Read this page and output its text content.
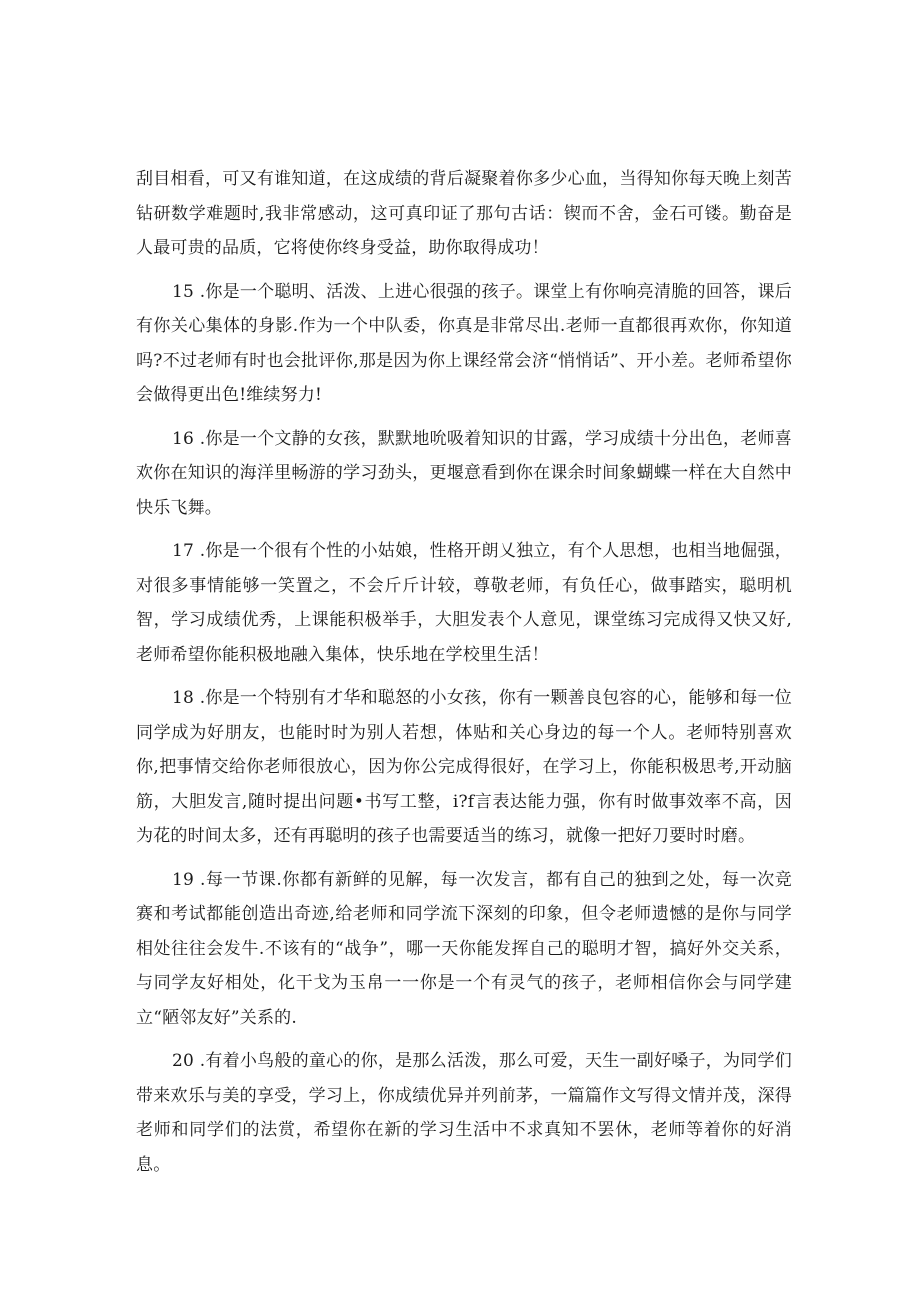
刮目相看，可又有谁知道，在这成绩的背后凝聚着你多少心血，当得知你每天晚上刻苦钻研数学难题时,我非常感动，这可真印证了那句古话：锲而不舍，金石可镂。勤奋是人最可贵的品质，它将使你终身受益，助你取得成功！

15 .你是一个聪明、活泼、上进心很强的孩子。课堂上有你响亮清脆的回答，课后有你关心集体的身影.作为一个中队委，你真是非常尽出.老师一直都很再欢你，你知道吗?不过老师有时也会批评你,那是因为你上课经常会济“悄悄话”、开小差。老师希望你会做得更出色!维续努力!

16 .你是一个文静的女孩，默默地吮吸着知识的甘露，学习成绩十分出色，老师喜欢你在知识的海洋里畅游的学习劲头，更堰意看到你在课余时间象蝴蝶一样在大自然中快乐飞舞。

17 .你是一个很有个性的小姑娘，性格开朗乂独立，有个人思想，也相当地倔强，对很多事情能够一笑置之，不会斤斤计较，尊敬老师，有负任心，做事踏实，聪明机智，学习成绩优秀，上课能积极举手，大胆发表个人意见，课堂练习完成得又快又好,老师希望你能积极地融入集体，快乐地在学校里生活！

18 .你是一个特别有才华和聪怒的小女孩，你有一颗善良包容的心，能够和每一位同学成为好朋友，也能时时为别人若想，体贴和关心身边的每一个人。老师特别喜欢你,把事情交给你老师很放心，因为你公完成得很好，在学习上，你能积极思考,开动脑筋，大胆发言,随时提出问题•书写工整，i?f言表达能力强，你有时做事效率不高，因为花的时间太多，还有再聪明的孩子也需要适当的练习，就像一把好刀要时时磨。

19 .每一节课.你都有新鲜的见解，每一次发言，都有自己的独到之处，每一次竞赛和考试都能创造出奇迹,给老师和同学流下深刻的印象，但令老师遗憾的是你与同学相处往往会发牛.不该有的“战争”，哪一天你能发挥自己的聪明才智，搞好外交关系，与同学友好相处，化干戈为玉帛一一你是一个有灵气的孩子，老师相信你会与同学建立“陋邻友好”关系的.

20 .有着小鸟般的童心的你，是那么活泼，那么可爱，天生一副好嗓子，为同学们带来欢乐与美的享受，学习上，你成绩优异并列前茅，一篇篇作文写得文情并茂，深得老师和同学们的法赏，希望你在新的学习生活中不求真知不罢休，老师等着你的好消息。
